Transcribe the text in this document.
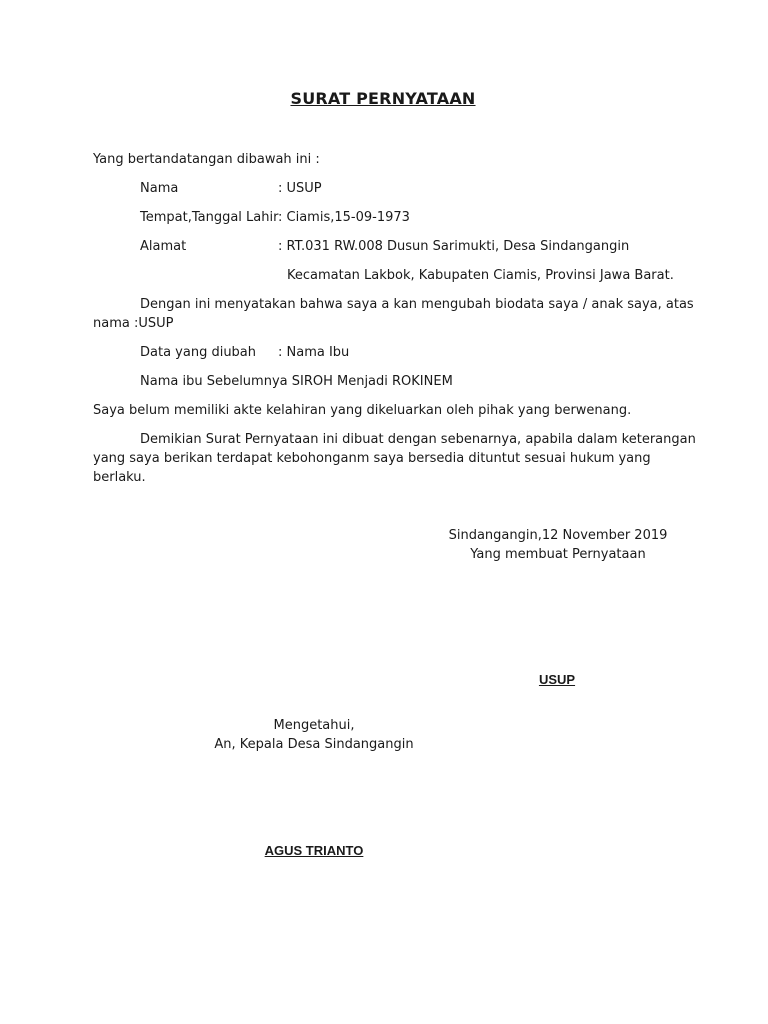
SURAT PERNYATAAN
Yang bertandatangan dibawah ini :
Nama	: USUP
Tempat,Tanggal Lahir : Ciamis,15-09-1973
Alamat	: RT.031 RW.008 Dusun Sarimukti, Desa Sindangangin
Kecamatan Lakbok, Kabupaten Ciamis, Provinsi Jawa Barat.
Dengan ini menyatakan bahwa saya a kan mengubah biodata saya / anak saya, atas
nama :USUP
Data yang diubah : Nama Ibu
Nama ibu Sebelumnya SIROH Menjadi ROKINEM
Saya belum memiliki akte kelahiran yang dikeluarkan oleh pihak yang berwenang.
Demikian Surat Pernyataan ini dibuat dengan sebenarnya, apabila dalam keterangan
yang saya berikan terdapat kebohonganm saya bersedia dituntut sesuai hukum yang
berlaku.
Sindangangin,12 November 2019
Yang membuat Pernyataan
USUP
Mengetahui,
An, Kepala Desa Sindangangin
AGUS TRIANTO
